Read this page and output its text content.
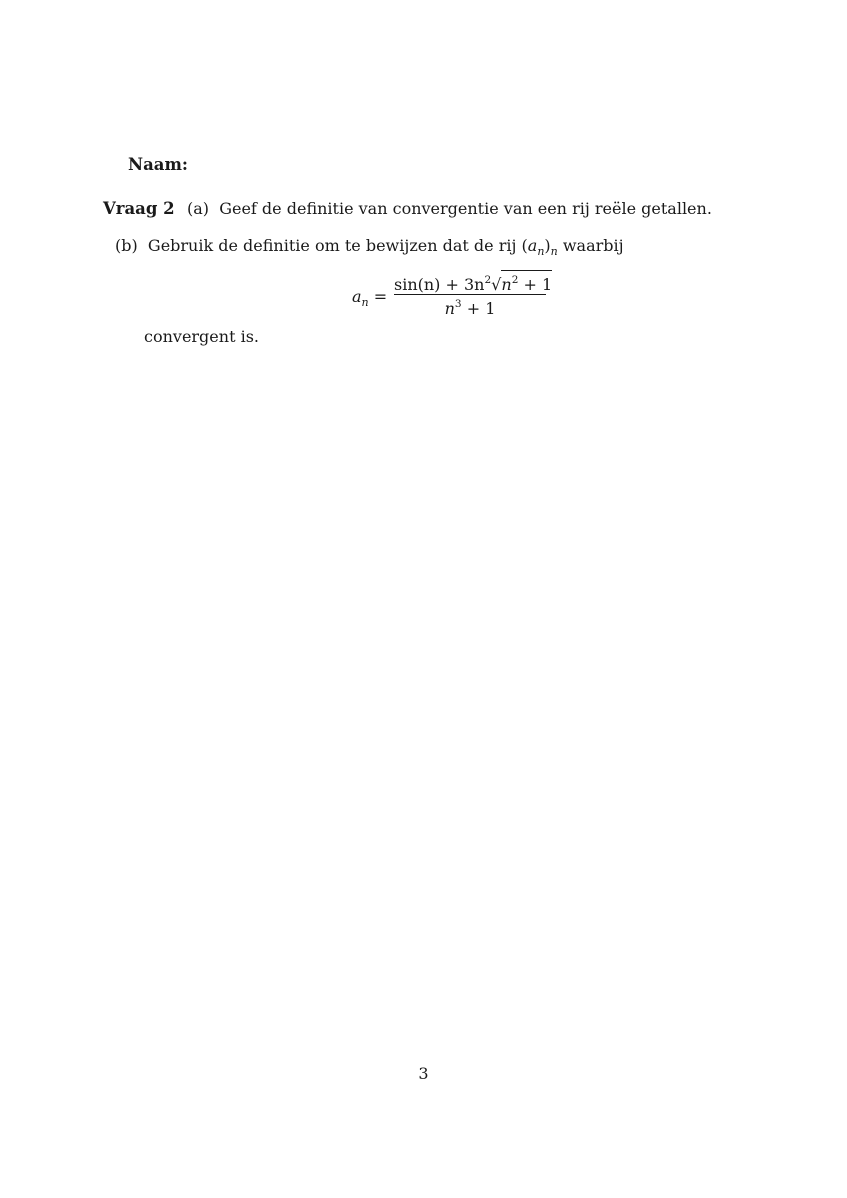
Naam:
Vraag 2 (a) Geef de definitie van convergentie van een rij reële getallen.
(b) Gebruik de definitie om te bewijzen dat de rij $(a_n)_n$ waarbij
$a_n$ =
$\sin(n) + 3n^2√n^2 + 1$
$n^3 + 1$
convergent is.
3
